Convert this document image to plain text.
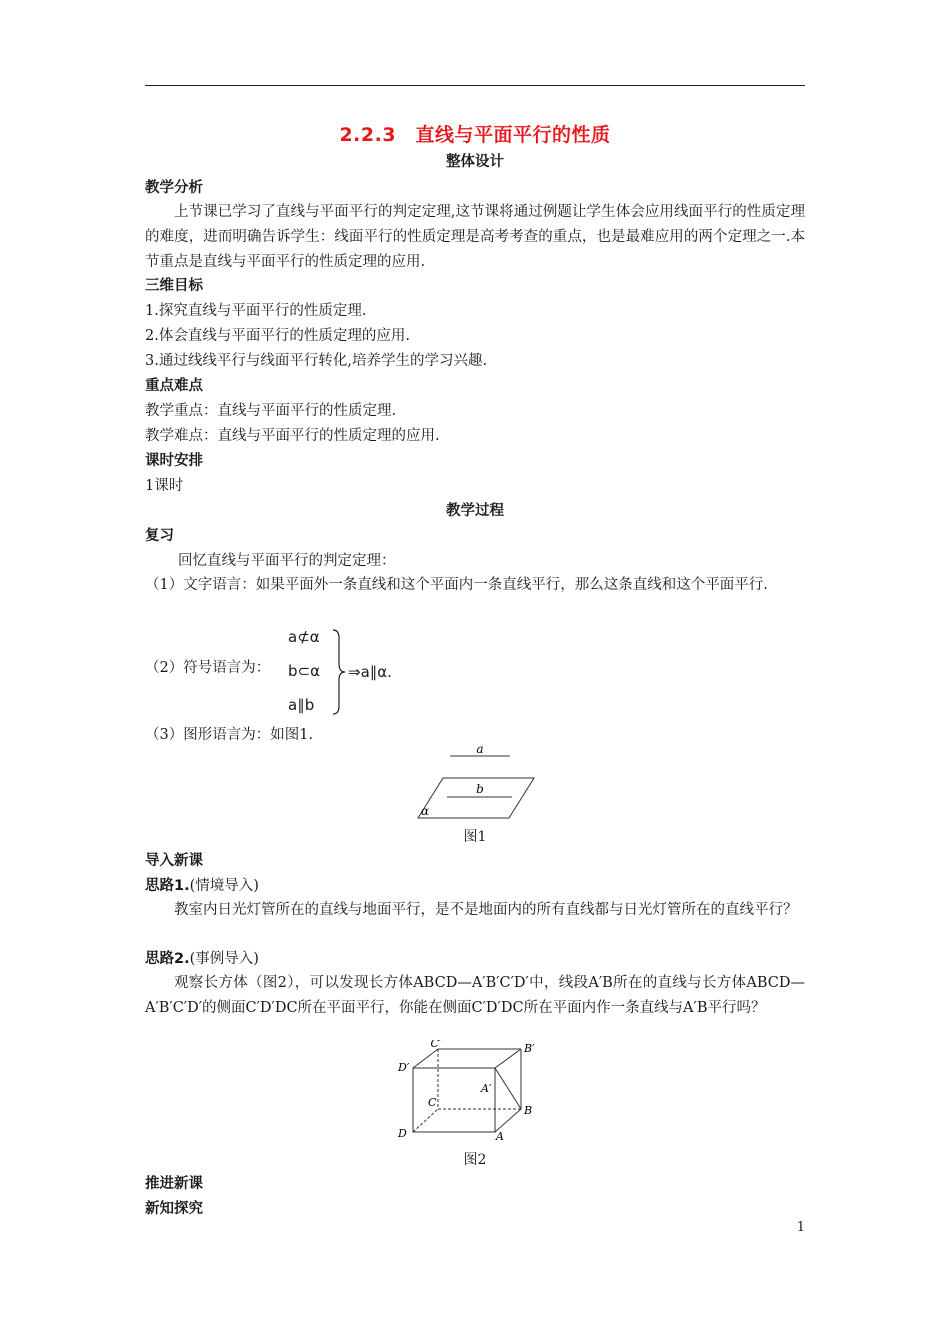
2.2.3　直线与平面平行的性质
整体设计
教学分析
上节课已学习了直线与平面平行的判定定理,这节课将通过例题让学生体会应用线面平行的性质定理的难度，进而明确告诉学生：线面平行的性质定理是高考考查的重点，也是最难应用的两个定理之一.本节重点是直线与平面平行的性质定理的应用.
三维目标
1.探究直线与平面平行的性质定理.
2.体会直线与平面平行的性质定理的应用.
3.通过线线平行与线面平行转化,培养学生的学习兴趣.
重点难点
教学重点：直线与平面平行的性质定理.
教学难点：直线与平面平行的性质定理的应用.
课时安排
1课时
教学过程
复习
回忆直线与平面平行的判定定理：
（1）文字语言：如果平面外一条直线和这个平面内一条直线平行，那么这条直线和这个平面平行.
（2）符号语言为：
a⊄α
b⊂α
a∥b
⇒a∥α.
（3）图形语言为：如图1.
a
b
α
图1
导入新课
思路1.(情境导入)
教室内日光灯管所在的直线与地面平行，是不是地面内的所有直线都与日光灯管所在的直线平行？
思路2.(事例导入)
观察长方体（图2），可以发现长方体ABCD—A′B′C′D′中，线段A′B所在的直线与长方体ABCD—A′B′C′D′的侧面C′D′DC所在平面平行，你能在侧面C′D′DC所在平面内作一条直线与A′B平行吗？
C′	B′
D′
A′
C
B
D	A
图2
推进新课
新知探究
1
